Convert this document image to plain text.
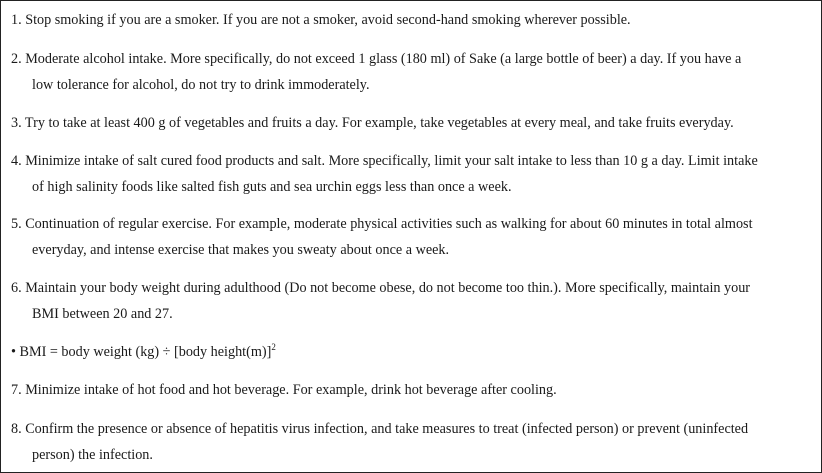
1. Stop smoking if you are a smoker. If you are not a smoker, avoid second-hand smoking wherever possible.
2. Moderate alcohol intake. More specifically, do not exceed 1 glass (180 ml) of Sake (a large bottle of beer) a day. If you have a
low tolerance for alcohol, do not try to drink immoderately.
3. Try to take at least 400 g of vegetables and fruits a day. For example, take vegetables at every meal, and take fruits everyday.
4. Minimize intake of salt cured food products and salt. More specifically, limit your salt intake to less than 10 g a day. Limit intake
of high salinity foods like salted fish guts and sea urchin eggs less than once a week.
5. Continuation of regular exercise. For example, moderate physical activities such as walking for about 60 minutes in total almost
everyday, and intense exercise that makes you sweaty about once a week.
6. Maintain your body weight during adulthood (Do not become obese, do not become too thin.). More specifically, maintain your
BMI between 20 and 27.
• BMI = body weight (kg) ÷ [body height(m)]$^2$
7. Minimize intake of hot food and hot beverage. For example, drink hot beverage after cooling.
8. Confirm the presence or absence of hepatitis virus infection, and take measures to treat (infected person) or prevent (uninfected
person) the infection.
